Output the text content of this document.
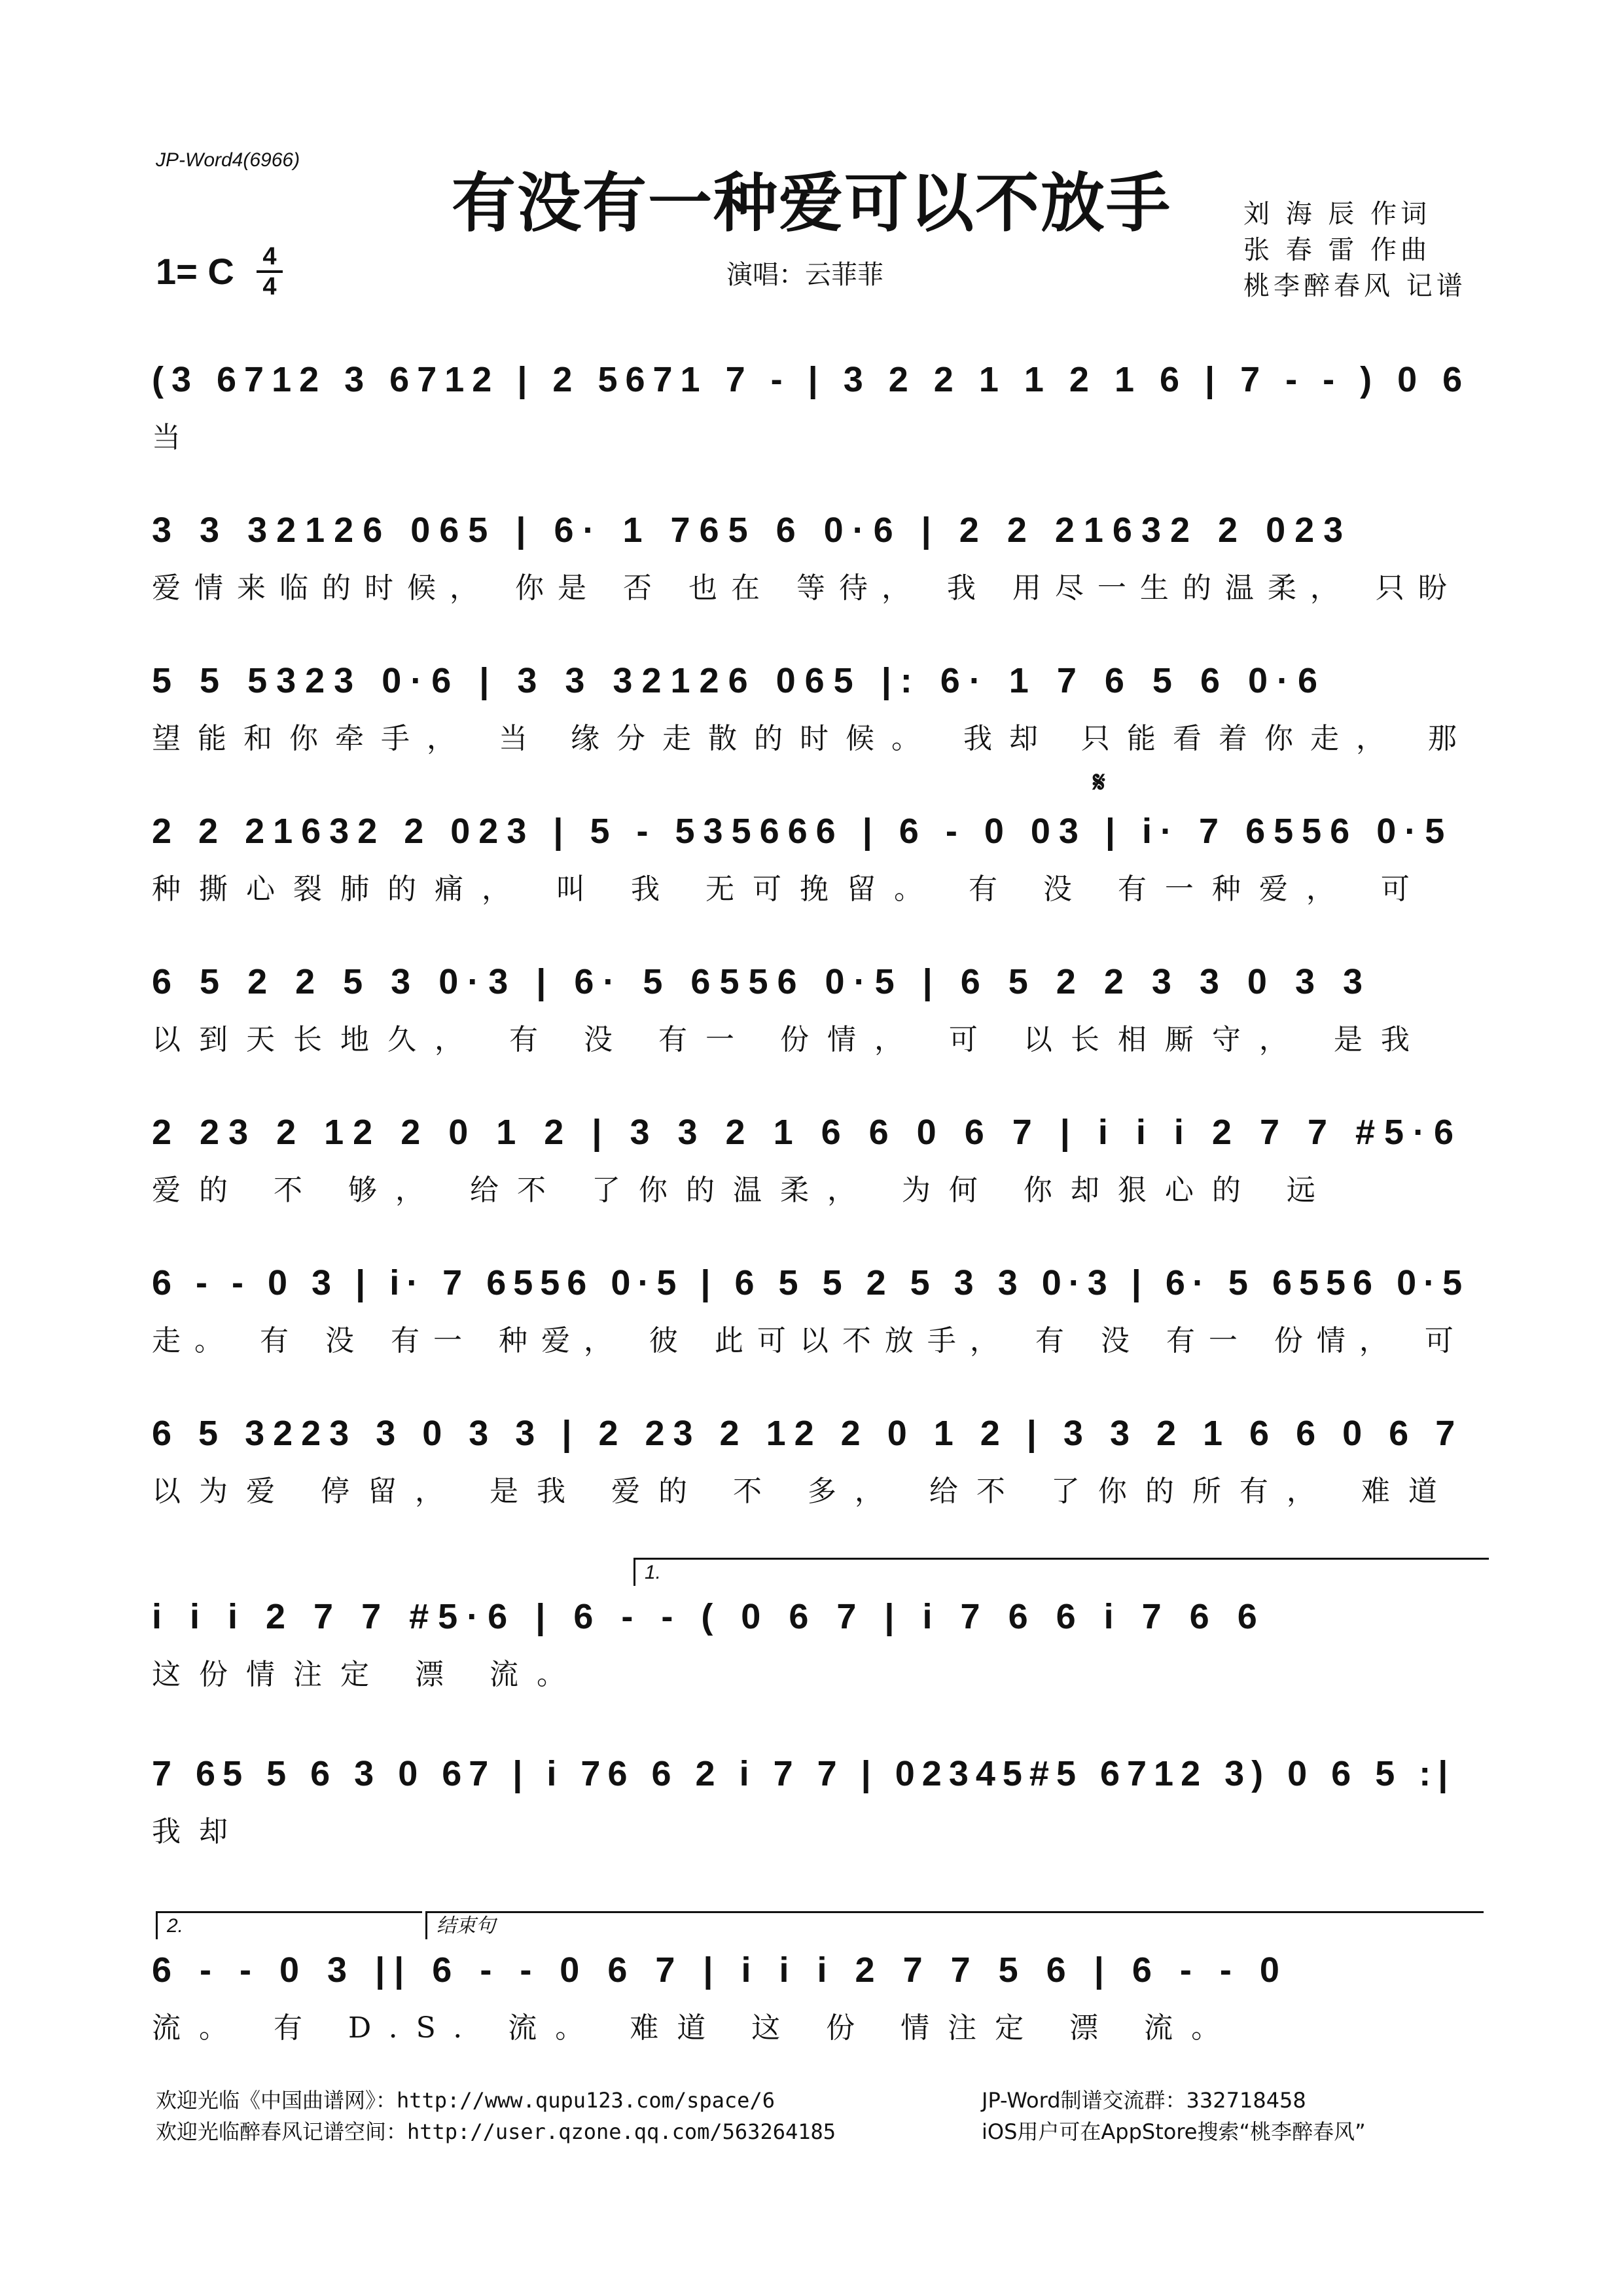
JP-Word4(6966)
有没有一种爱可以不放手	刘 海 辰 作词
张 春 雷 作曲
桃李醉春风 记谱
1= C 4
4	演唱：云菲菲
(3 6712 3 6712 | 2 5671 7 - | 3 2 2 1 1 2 1 6 | 7 - - ) 0 6
当
3 3 32126 065 | 6· 1 765 6 0·6 | 2 2 21632 2 023
爱情来临的时候， 你是 否 也在 等待， 我 用尽一生的温柔， 只盼
5 5 5323 0·6 | 3 3 32126 065 |: 6· 1 7 6 5 6 0·6
望能和你牵手， 当 缘分走散的时候。 我却 只能看着你走， 那
𝄋
2 2 21632 2 023 | 5 - 535666 | 6 - 0 03 | i· 7 6556 0·5
种撕心裂肺的痛， 叫 我 无可挽留。 有 没 有一种爱， 可
6 5 2 2 5 3 0·3 | 6· 5 6556 0·5 | 6 5 2 2 3 3 0 3 3
以到天长地久， 有 没 有一 份情， 可 以长相厮守， 是我
2 23 2 12 2 0 1 2 | 3 3 2 1 6 6 0 6 7 | i i i 2 7 7 #5·6
爱的 不 够， 给不 了你的温柔， 为何 你却狠心的 远
6 - - 0 3 | i· 7 6556 0·5 | 6 5 5 2 5 3 3 0·3 | 6· 5 6556 0·5
走。 有 没 有一 种爱， 彼 此可以不放手， 有 没 有一 份情， 可
6 5 3223 3 0 3 3 | 2 23 2 12 2 0 1 2 | 3 3 2 1 6 6 0 6 7
以为爱 停留， 是我 爱的 不 多， 给不 了你的所有， 难道
1.
i i i 2 7 7 #5·6 | 6 - - ( 0 6 7 | i 7 6 6 i 7 6 6
这份情注定 漂 流。
7 65 5 6 3 0 67 | i 76 6 2 i 7 7 | 02345#5 6712 3) 0 6 5 :|
我却
2.	结束句
6 - - 0 3 || 6 - - 0 6 7 | i i i 2 7 7 5 6 | 6 - - 0
流。 有 D.S. 流。 难道 这 份 情注定 漂 流。
欢迎光临《中国曲谱网》：http://www.qupu123.com/space/6
欢迎光临醉春风记谱空间：http://user.qzone.qq.com/563264185
JP-Word制谱交流群：332718458
iOS用户可在AppStore搜索“桃李醉春风”
